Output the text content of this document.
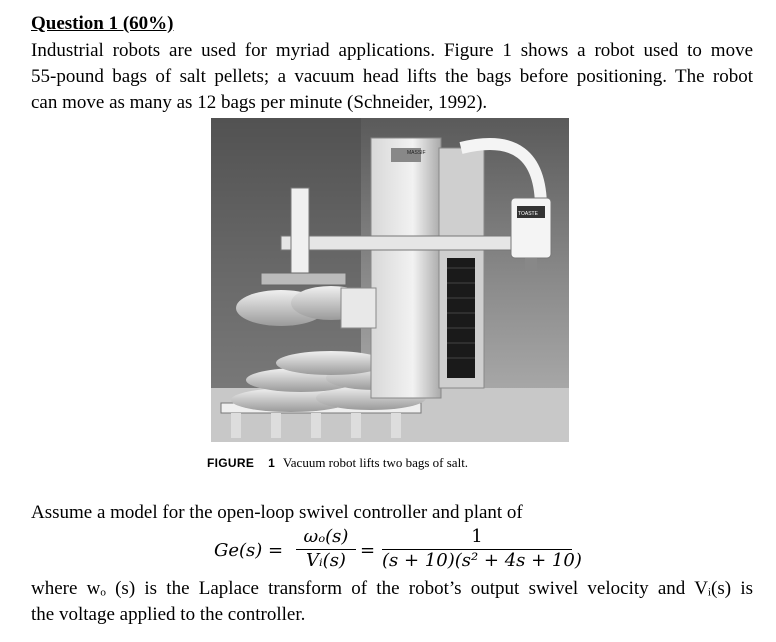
Question 1 (60%)
Industrial robots are used for myriad applications. Figure 1 shows a robot used to move
55-pound bags of salt pellets; a vacuum head lifts the bags before positioning. The robot
can move as many as 12 bags per minute (Schneider, 1992).
MASSIF
TOASTE
FIGURE 1 Vacuum robot lifts two bags of salt.
Assume a model for the open-loop swivel controller and plant of
Ge(s) =
ωₒ(s)
Vᵢ(s) =
1
(s + 10)(s² + 4s + 10)
where wₒ (s) is the Laplace transform of the robot’s output swivel velocity and Vᵢ(s) is
the voltage applied to the controller.
